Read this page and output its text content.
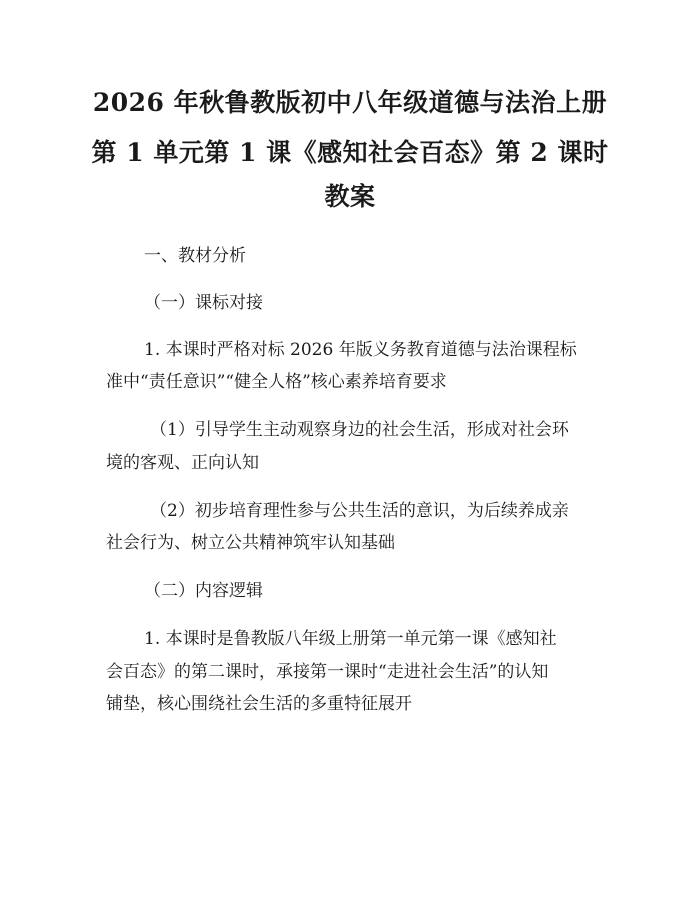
2026 年秋鲁教版初中八年级道德与法治上册
第 1 单元第 1 课《感知社会百态》第 2 课时
教案
一、教材分析
（一）课标对接
1. 本课时严格对标 2026 年版义务教育道德与法治课程标
准中“责任意识”“健全人格”核心素养培育要求
（1）引导学生主动观察身边的社会生活，形成对社会环
境的客观、正向认知
（2）初步培育理性参与公共生活的意识，为后续养成亲
社会行为、树立公共精神筑牢认知基础
（二）内容逻辑
1. 本课时是鲁教版八年级上册第一单元第一课《感知社
会百态》的第二课时，承接第一课时“走进社会生活”的认知
铺垫，核心围绕社会生活的多重特征展开
